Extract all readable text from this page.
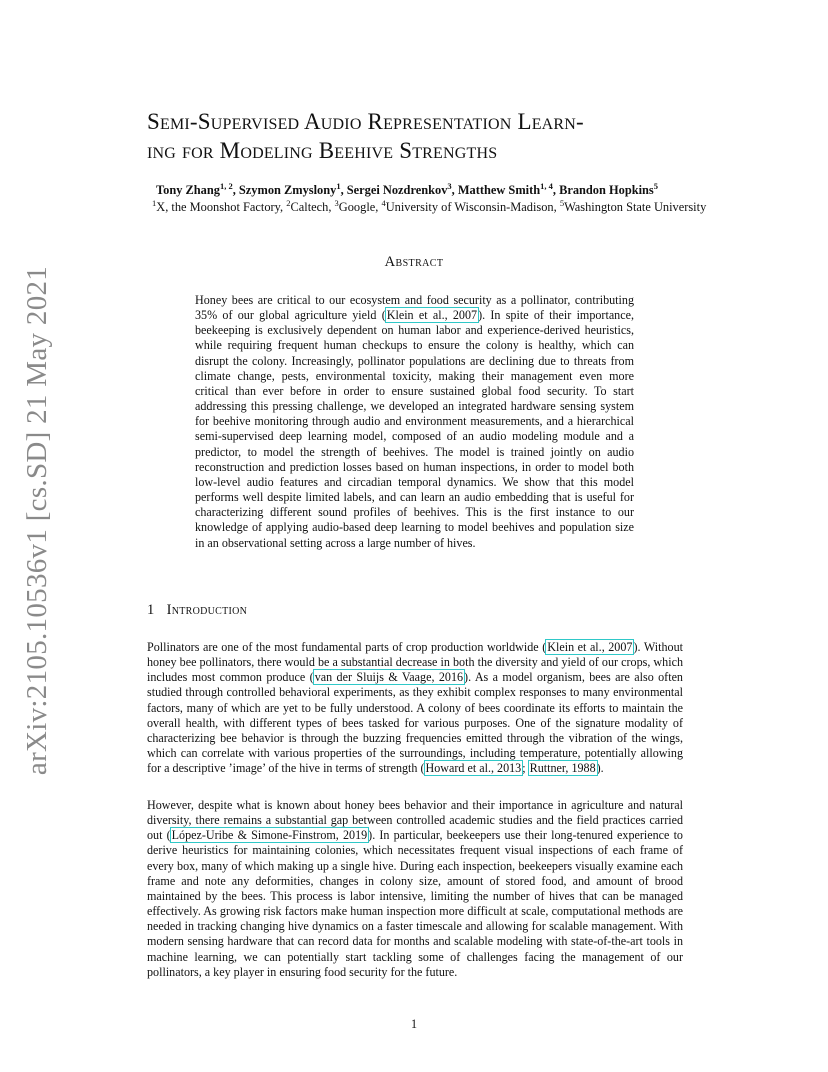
arXiv:2105.10536v1 [cs.SD] 21 May 2021
Semi-Supervised Audio Representation Learn-
ing for Modeling Beehive Strengths
Tony Zhang$^{1, 2}$, Szymon Zmyslony$^1$, Sergei Nozdrenkov$^3$, Matthew Smith$^{1, 4}$, Brandon Hopkins$^5$
$^1$X, the Moonshot Factory, $^2$Caltech, $^3$Google, $^4$University of Wisconsin-Madison, $^5$Washington State University
Abstract

Honey bees are critical to our ecosystem and food security as a pollinator, contributing 35% of our global agriculture yield (Klein et al., 2007). In spite of their importance, beekeeping is exclusively dependent on human labor and experience-derived heuristics, while requiring frequent human checkups to ensure the colony is healthy, which can disrupt the colony. Increasingly, pollinator populations are declining due to threats from climate change, pests, environmental toxicity, making their management even more critical than ever before in order to ensure sustained global food security. To start addressing this pressing challenge, we developed an integrated hardware sensing system for beehive monitoring through audio and environment measurements, and a hierarchical semi-supervised deep learning model, composed of an audio modeling module and a predictor, to model the strength of beehives. The model is trained jointly on audio reconstruction and prediction losses based on human inspections, in order to model both low-level audio features and circadian temporal dynamics. We show that this model performs well despite limited labels, and can learn an audio embedding that is useful for characterizing different sound profiles of beehives. This is the first instance to our knowledge of applying audio-based deep learning to model beehives and population size in an observational setting across a large number of hives.

1 Introduction

Pollinators are one of the most fundamental parts of crop production worldwide (Klein et al., 2007). Without honey bee pollinators, there would be a substantial decrease in both the diversity and yield of our crops, which includes most common produce (van der Sluijs & Vaage, 2016). As a model organism, bees are also often studied through controlled behavioral experiments, as they exhibit complex responses to many environmental factors, many of which are yet to be fully understood. A colony of bees coordinate its efforts to maintain the overall health, with different types of bees tasked for various purposes. One of the signature modality of characterizing bee behavior is through the buzzing frequencies emitted through the vibration of the wings, which can correlate with various properties of the surroundings, including temperature, potentially allowing for a descriptive ’image’ of the hive in terms of strength (Howard et al., 2013; Ruttner, 1988).

However, despite what is known about honey bees behavior and their importance in agriculture and natural diversity, there remains a substantial gap between controlled academic studies and the field practices carried out (López-Uribe & Simone-Finstrom, 2019). In particular, beekeepers use their long-tenured experience to derive heuristics for maintaining colonies, which necessitates frequent visual inspections of each frame of every box, many of which making up a single hive. During each inspection, beekeepers visually examine each frame and note any deformities, changes in colony size, amount of stored food, and amount of brood maintained by the bees. This process is labor intensive, limiting the number of hives that can be managed effectively. As growing risk factors make human inspection more difficult at scale, computational methods are needed in tracking changing hive dynamics on a faster timescale and allowing for scalable management. With modern sensing hardware that can record data for months and scalable modeling with state-of-the-art tools in machine learning, we can potentially start tackling some of challenges facing the management of our pollinators, a key player in ensuring food security for the future.

1
